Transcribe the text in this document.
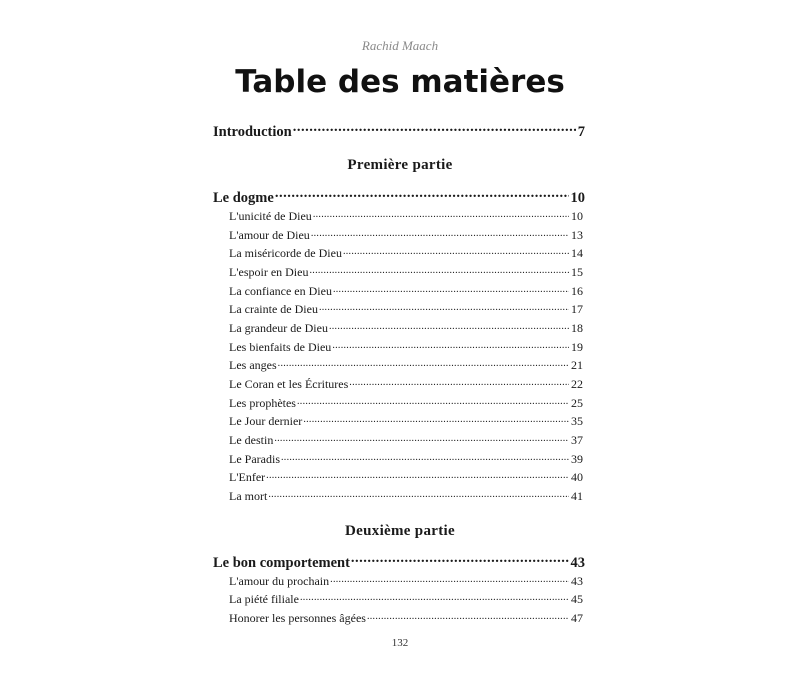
Rachid Maach
Table des matières
Introduction .....	7
Première partie
Le dogme .....	10
L'unicité de Dieu .....	10
L'amour de Dieu .....	13
La miséricorde de Dieu .....	14
L'espoir en Dieu .....	15
La confiance en Dieu .....	16
La crainte de Dieu .....	17
La grandeur de Dieu .....	18
Les bienfaits de Dieu .....	19
Les anges .....	21
Le Coran et les Écritures .....	22
Les prophètes .....	25
Le Jour dernier .....	35
Le destin .....	37
Le Paradis .....	39
L'Enfer .....	40
La mort .....	41
Deuxième partie
Le bon comportement .....	43
L'amour du prochain .....	43
La piété filiale .....	45
Honorer les personnes âgées .....	47
132
